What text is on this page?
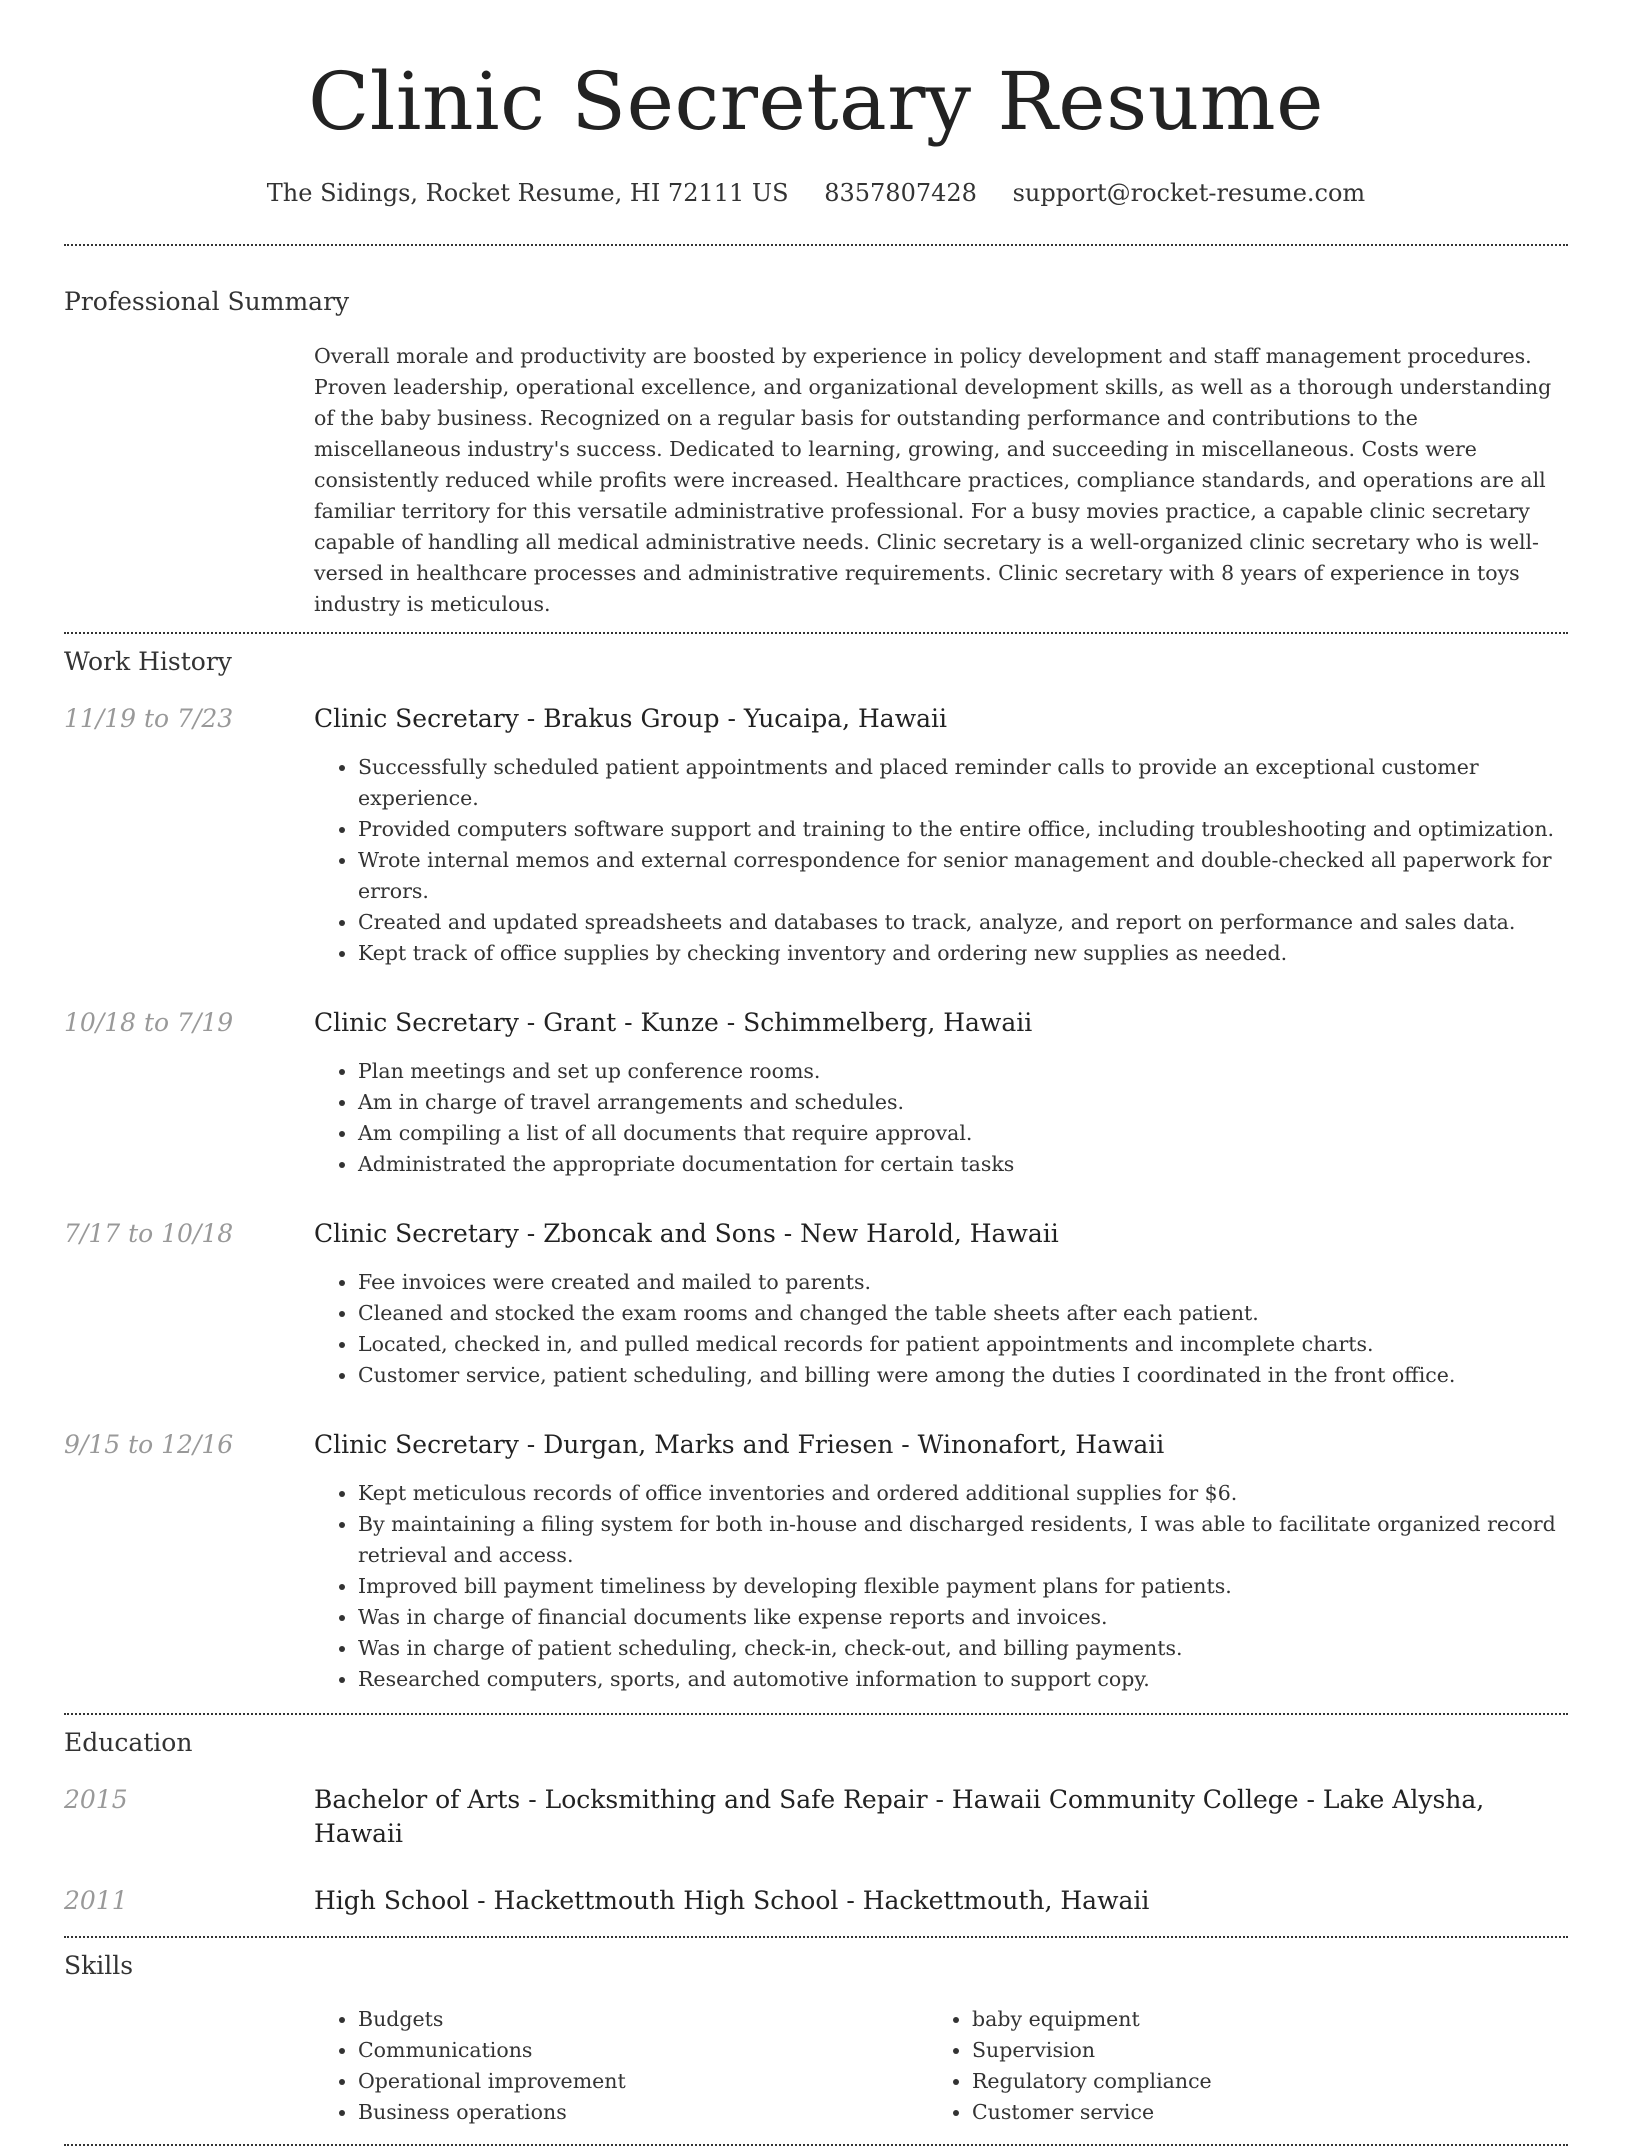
Clinic Secretary Resume
The Sidings, Rocket Resume, HI 72111 US 8357807428 support@rocket-resume.com
Professional Summary
Overall morale and productivity are boosted by experience in policy development and staff management procedures. Proven leadership, operational excellence, and organizational development skills, as well as a thorough understanding of the baby business. Recognized on a regular basis for outstanding performance and contributions to the miscellaneous industry's success. Dedicated to learning, growing, and succeeding in miscellaneous. Costs were consistently reduced while profits were increased. Healthcare practices, compliance standards, and operations are all familiar territory for this versatile administrative professional. For a busy movies practice, a capable clinic secretary capable of handling all medical administrative needs. Clinic secretary is a well-organized clinic secretary who is well-versed in healthcare processes and administrative requirements. Clinic secretary with 8 years of experience in toys industry is meticulous.
Work History
11/19 to 7/23	Clinic Secretary - Brakus Group - Yucaipa, Hawaii
• Successfully scheduled patient appointments and placed reminder calls to provide an exceptional customer experience.
• Provided computers software support and training to the entire office, including troubleshooting and optimization.
• Wrote internal memos and external correspondence for senior management and double-checked all paperwork for errors.
• Created and updated spreadsheets and databases to track, analyze, and report on performance and sales data.
• Kept track of office supplies by checking inventory and ordering new supplies as needed.
10/18 to 7/19	Clinic Secretary - Grant - Kunze - Schimmelberg, Hawaii
• Plan meetings and set up conference rooms.
• Am in charge of travel arrangements and schedules.
• Am compiling a list of all documents that require approval.
• Administrated the appropriate documentation for certain tasks
7/17 to 10/18	Clinic Secretary - Zboncak and Sons - New Harold, Hawaii
• Fee invoices were created and mailed to parents.
• Cleaned and stocked the exam rooms and changed the table sheets after each patient.
• Located, checked in, and pulled medical records for patient appointments and incomplete charts.
• Customer service, patient scheduling, and billing were among the duties I coordinated in the front office.
9/15 to 12/16	Clinic Secretary - Durgan, Marks and Friesen - Winonafort, Hawaii
• Kept meticulous records of office inventories and ordered additional supplies for $6.
• By maintaining a filing system for both in-house and discharged residents, I was able to facilitate organized record retrieval and access.
• Improved bill payment timeliness by developing flexible payment plans for patients.
• Was in charge of financial documents like expense reports and invoices.
• Was in charge of patient scheduling, check-in, check-out, and billing payments.
• Researched computers, sports, and automotive information to support copy.
Education
2015	Bachelor of Arts - Locksmithing and Safe Repair - Hawaii Community College - Lake Alysha, Hawaii
2011	High School - Hackettmouth High School - Hackettmouth, Hawaii
Skills
• Budgets
• Communications
• Operational improvement
• Business operations
• baby equipment
• Supervision
• Regulatory compliance
• Customer service
